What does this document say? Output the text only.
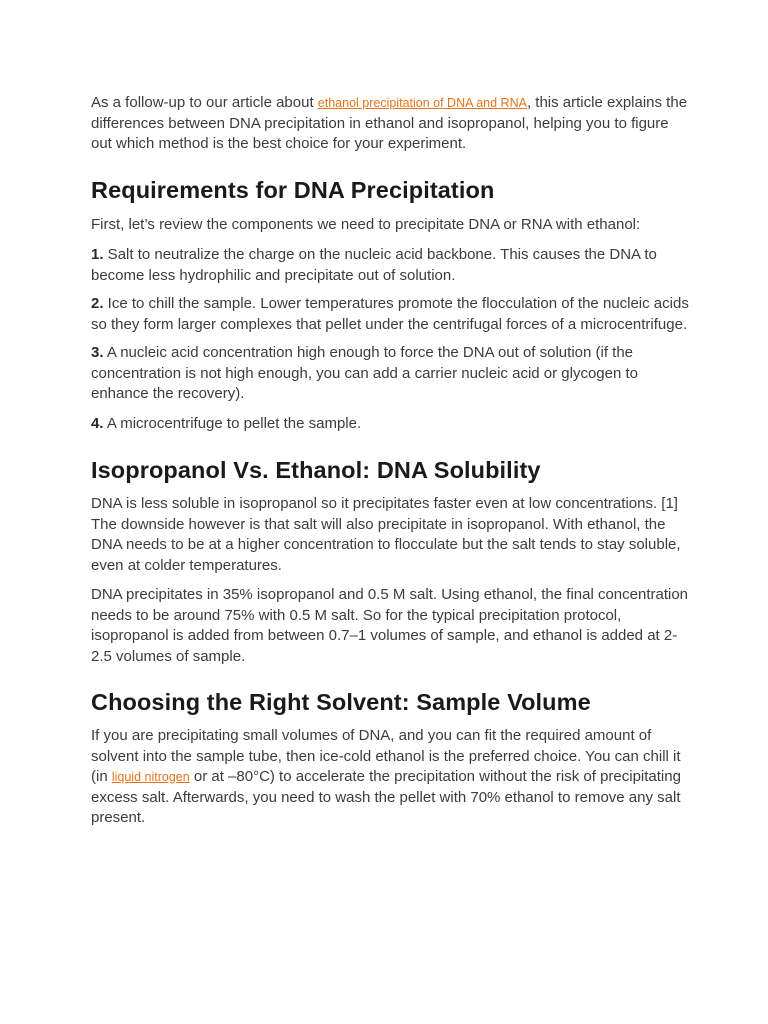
As a follow-up to our article about ethanol precipitation of DNA and RNA, this article explains the differences between DNA precipitation in ethanol and isopropanol, helping you to figure out which method is the best choice for your experiment.

Requirements for DNA Precipitation

First, let’s review the components we need to precipitate DNA or RNA with ethanol:

1. Salt to neutralize the charge on the nucleic acid backbone. This causes the DNA to become less hydrophilic and precipitate out of solution.

2. Ice to chill the sample. Lower temperatures promote the flocculation of the nucleic acids so they form larger complexes that pellet under the centrifugal forces of a microcentrifuge.

3. A nucleic acid concentration high enough to force the DNA out of solution (if the concentration is not high enough, you can add a carrier nucleic acid or glycogen to enhance the recovery).

4. A microcentrifuge to pellet the sample.

Isopropanol Vs. Ethanol: DNA Solubility

DNA is less soluble in isopropanol so it precipitates faster even at low concentrations. [1] The downside however is that salt will also precipitate in isopropanol. With ethanol, the DNA needs to be at a higher concentration to flocculate but the salt tends to stay soluble, even at colder temperatures.

DNA precipitates in 35% isopropanol and 0.5 M salt. Using ethanol, the final concentration needs to be around 75% with 0.5 M salt. So for the typical precipitation protocol, isopropanol is added from between 0.7–1 volumes of sample, and ethanol is added at 2-2.5 volumes of sample.

Choosing the Right Solvent: Sample Volume

If you are precipitating small volumes of DNA, and you can fit the required amount of solvent into the sample tube, then ice-cold ethanol is the preferred choice. You can chill it (in liquid nitrogen or at –80°C) to accelerate the precipitation without the risk of precipitating excess salt. Afterwards, you need to wash the pellet with 70% ethanol to remove any salt present.
